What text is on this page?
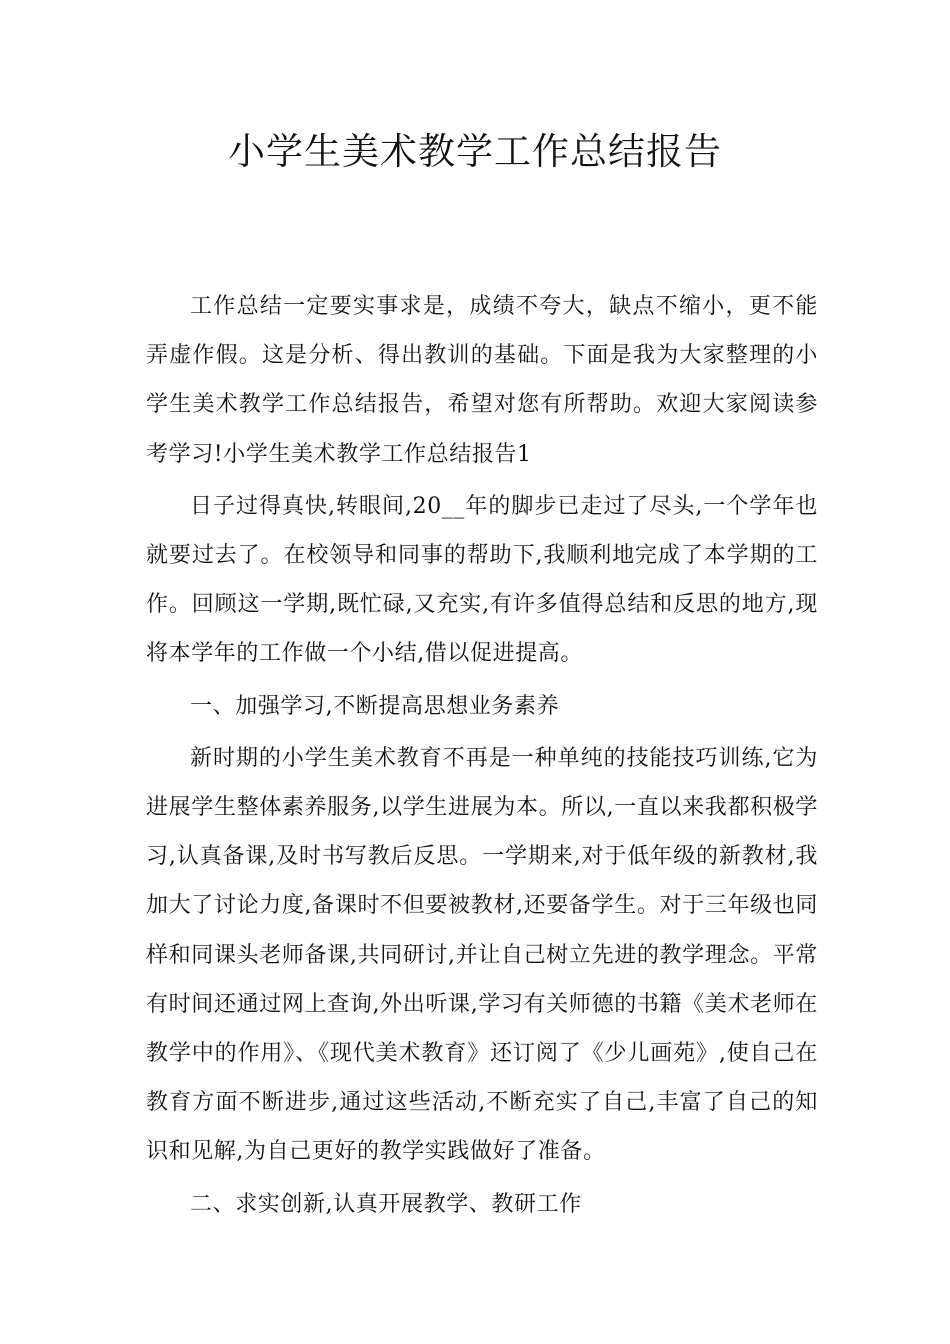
小学生美术教学工作总结报告

工作总结一定要实事求是，成绩不夸大，缺点不缩小，更不能弄虚作假。这是分析、得出教训的基础。下面是我为大家整理的小学生美术教学工作总结报告，希望对您有所帮助。欢迎大家阅读参考学习!小学生美术教学工作总结报告1

日子过得真快,转眼间,20__年的脚步已走过了尽头,一个学年也就要过去了。在校领导和同事的帮助下,我顺利地完成了本学期的工作。回顾这一学期,既忙碌,又充实,有许多值得总结和反思的地方,现将本学年的工作做一个小结,借以促进提高。

一、加强学习,不断提高思想业务素养

新时期的小学生美术教育不再是一种单纯的技能技巧训练,它为进展学生整体素养服务,以学生进展为本。所以,一直以来我都积极学习,认真备课,及时书写教后反思。一学期来,对于低年级的新教材,我加大了讨论力度,备课时不但要被教材,还要备学生。对于三年级也同样和同课头老师备课,共同研讨,并让自己树立先进的教学理念。平常有时间还通过网上查询,外出听课,学习有关师德的书籍《美术老师在教学中的作用》、《现代美术教育》还订阅了《少儿画苑》,使自己在教育方面不断进步,通过这些活动,不断充实了自己,丰富了自己的知识和见解,为自己更好的教学实践做好了准备。

二、求实创新,认真开展教学、教研工作
